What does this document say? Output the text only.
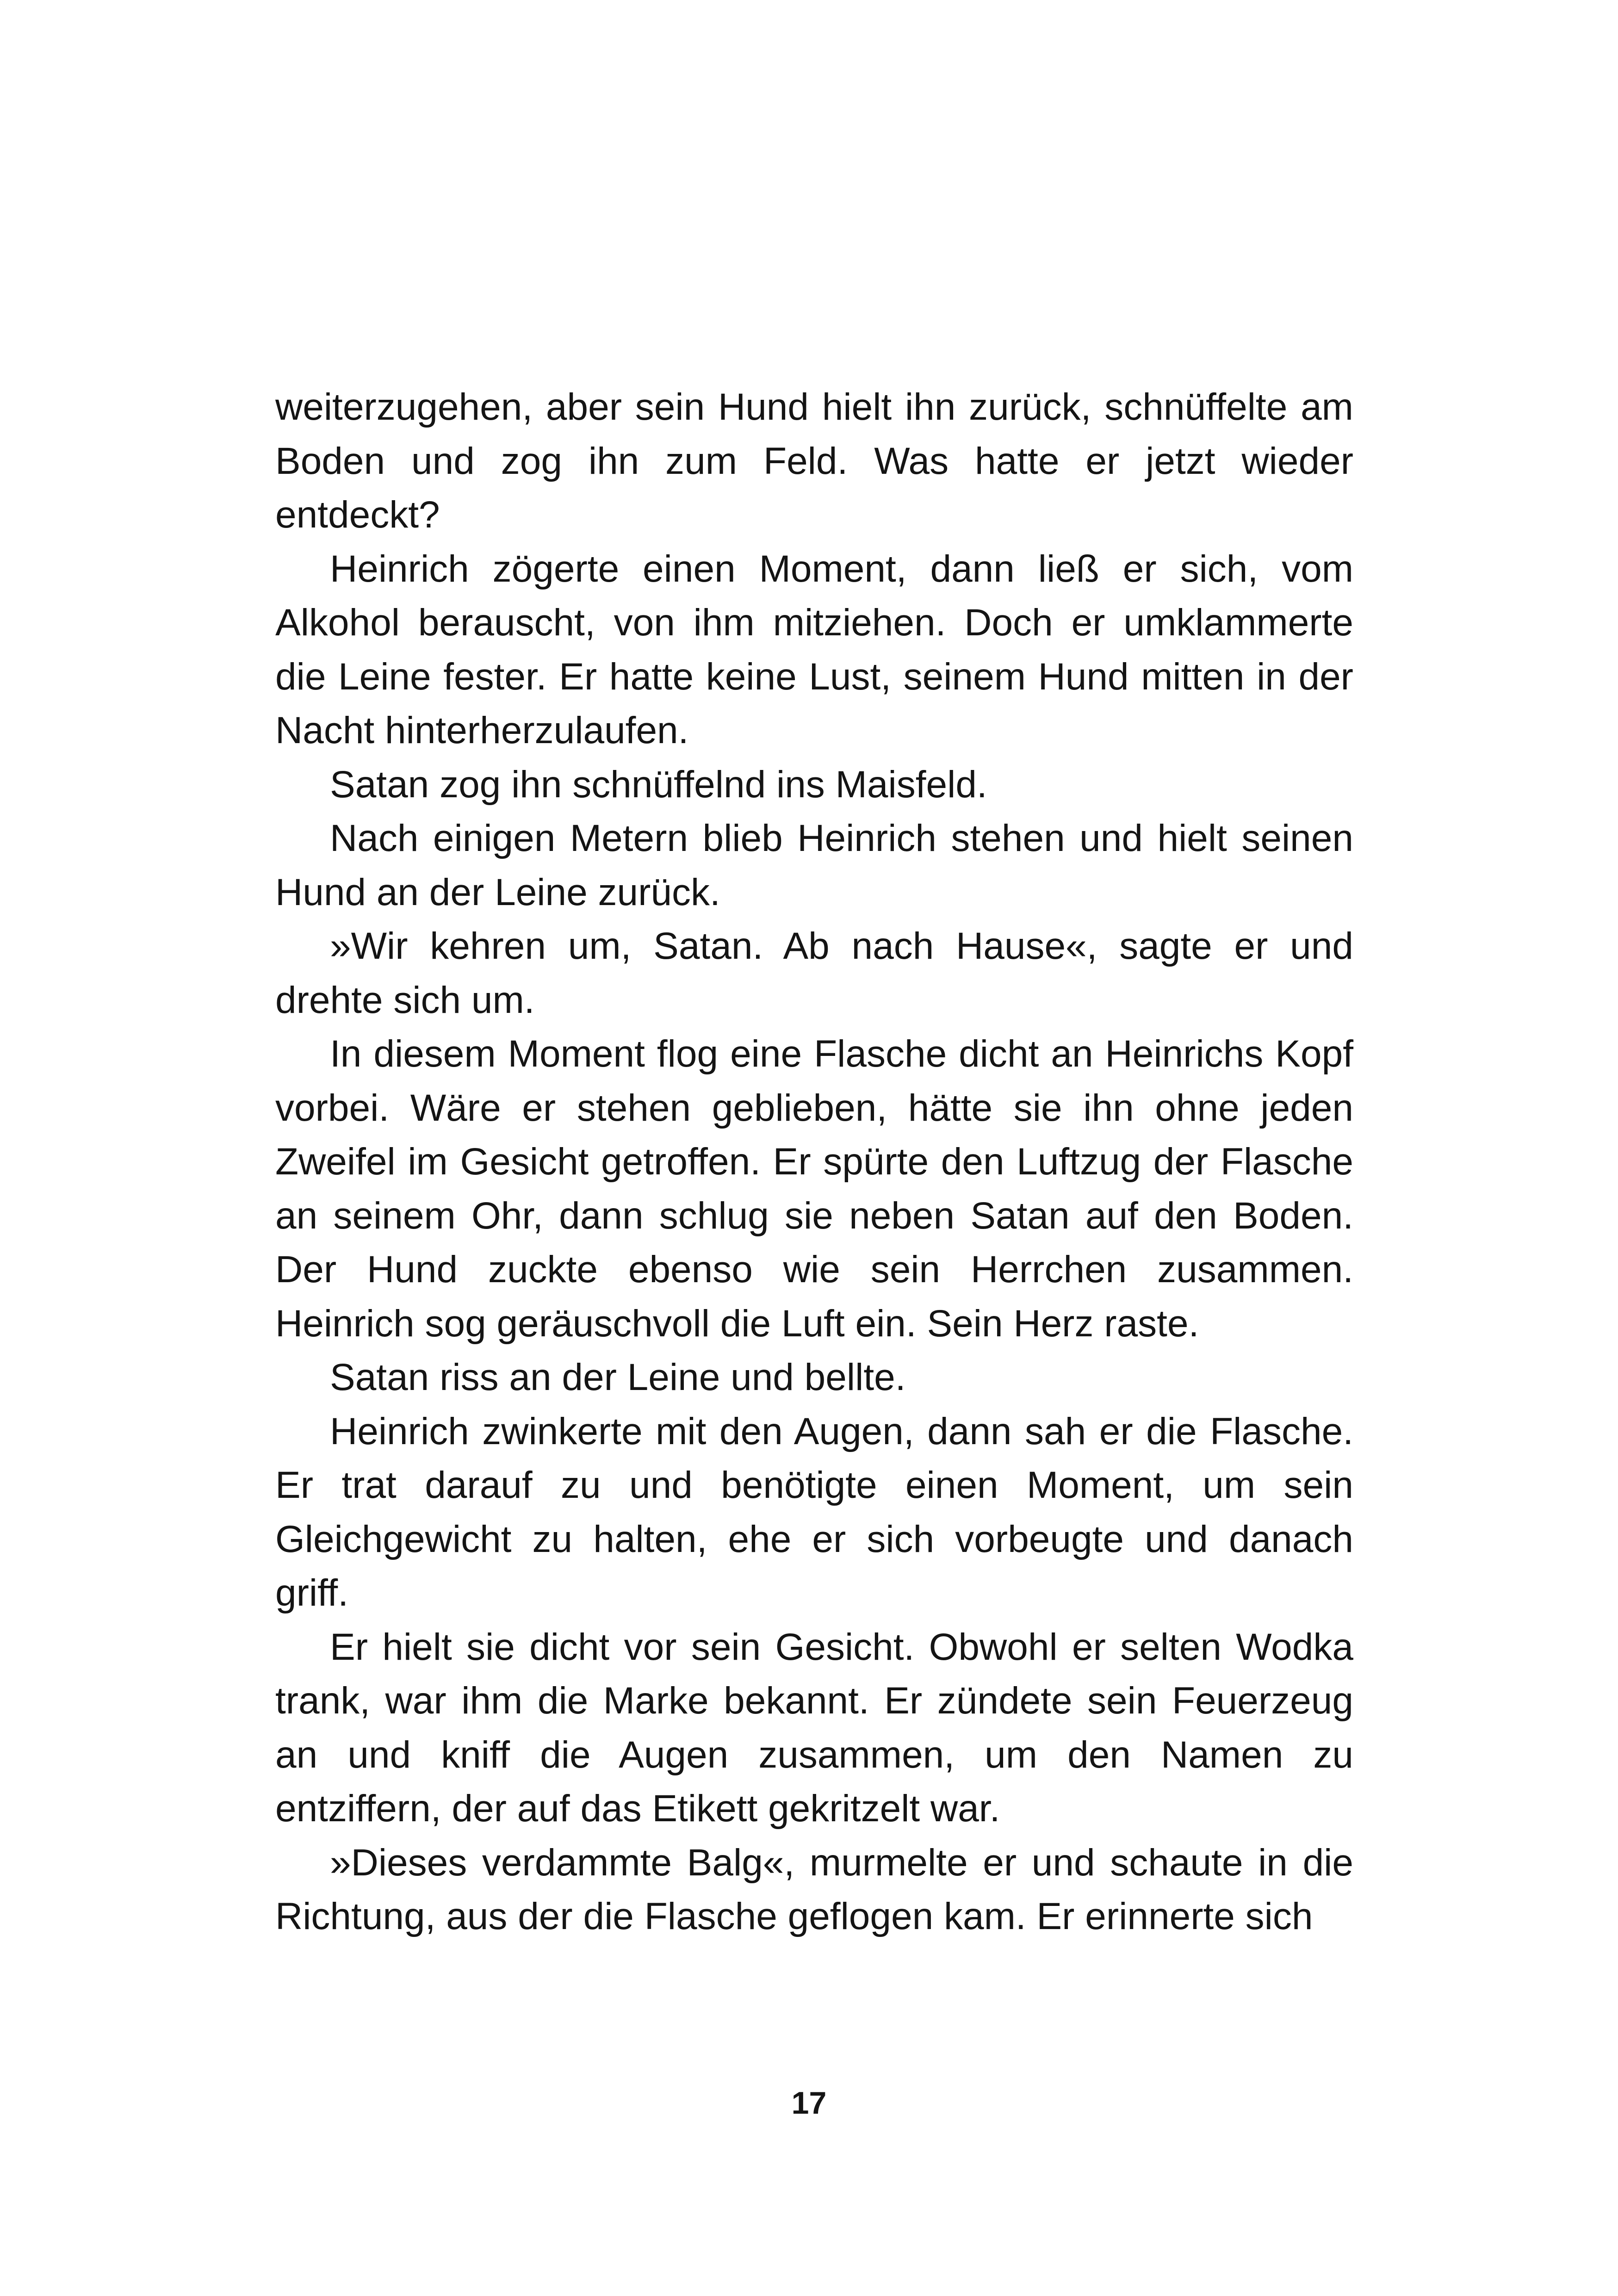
weiterzugehen, aber sein Hund hielt ihn zurück, schnüffelte am Boden und zog ihn zum Feld. Was hatte er jetzt wieder entdeckt?

Heinrich zögerte einen Moment, dann ließ er sich, vom Alkohol berauscht, von ihm mitziehen. Doch er umklammerte die Leine fester. Er hatte keine Lust, seinem Hund mitten in der Nacht hinterherzulaufen.

Satan zog ihn schnüffelnd ins Maisfeld.

Nach einigen Metern blieb Heinrich stehen und hielt seinen Hund an der Leine zurück.

»Wir kehren um, Satan. Ab nach Hause«, sagte er und drehte sich um.

In diesem Moment flog eine Flasche dicht an Heinrichs Kopf vorbei. Wäre er stehen geblieben, hätte sie ihn ohne jeden Zweifel im Gesicht getroffen. Er spürte den Luftzug der Flasche an seinem Ohr, dann schlug sie neben Satan auf den Boden. Der Hund zuckte ebenso wie sein Herrchen zusammen. Heinrich sog geräuschvoll die Luft ein. Sein Herz raste.

Satan riss an der Leine und bellte.

Heinrich zwinkerte mit den Augen, dann sah er die Flasche. Er trat darauf zu und benötigte einen Moment, um sein Gleichgewicht zu halten, ehe er sich vorbeugte und danach griff.

Er hielt sie dicht vor sein Gesicht. Obwohl er selten Wodka trank, war ihm die Marke bekannt. Er zündete sein Feuerzeug an und kniff die Augen zusammen, um den Namen zu entziffern, der auf das Etikett gekritzelt war.

»Dieses verdammte Balg«, murmelte er und schaute in die Richtung, aus der die Flasche geflogen kam. Er erinnerte sich

17
